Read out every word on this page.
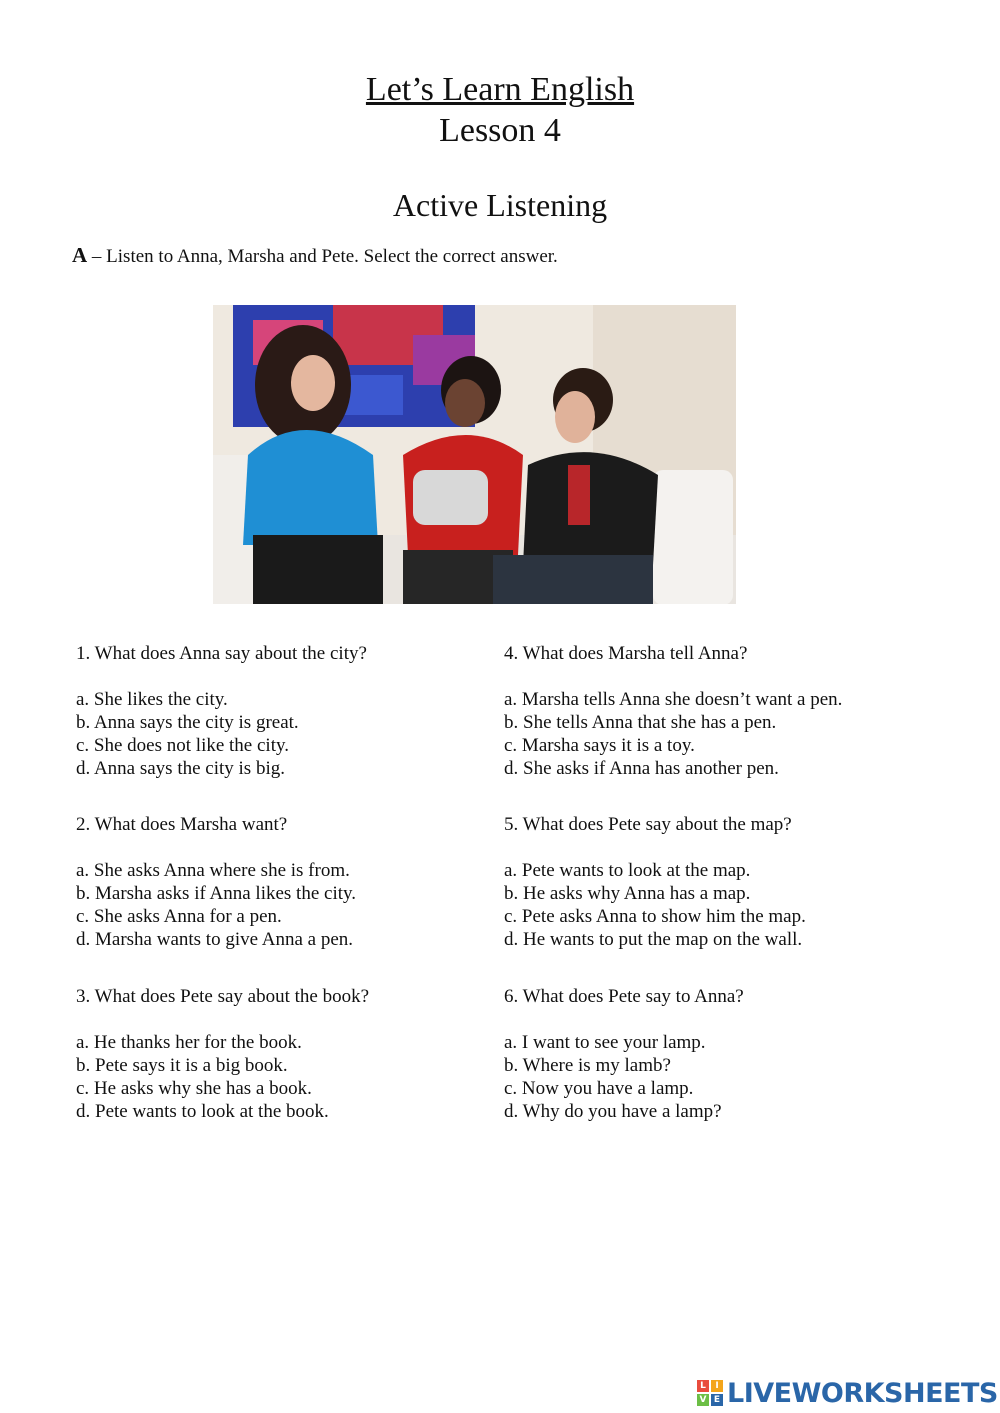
Let’s Learn English
Lesson 4
Active Listening
A – Listen to Anna, Marsha and Pete. Select the correct answer.
1. What does Anna say about the city?
a. She likes the city.
b. Anna says the city is great.
c. She does not like the city.
d. Anna says the city is big.
2. What does Marsha want?
a. She asks Anna where she is from.
b. Marsha asks if Anna likes the city.
c. She asks Anna for a pen.
d. Marsha wants to give Anna a pen.
3. What does Pete say about the book?
a. He thanks her for the book.
b. Pete says it is a big book.
c. He asks why she has a book.
d. Pete wants to look at the book.
4. What does Marsha tell Anna?
a. Marsha tells Anna she doesn’t want a pen.
b. She tells Anna that she has a pen.
c. Marsha says it is a toy.
d. She asks if Anna has another pen.
5. What does Pete say about the map?
a. Pete wants to look at the map.
b. He asks why Anna has a map.
c. Pete asks Anna to show him the map.
d. He wants to put the map on the wall.
6. What does Pete say to Anna?
a. I want to see your lamp.
b. Where is my lamb?
c. Now you have a lamp.
d. Why do you have a lamp?
L	I
V E LIVEWORKSHEETS
